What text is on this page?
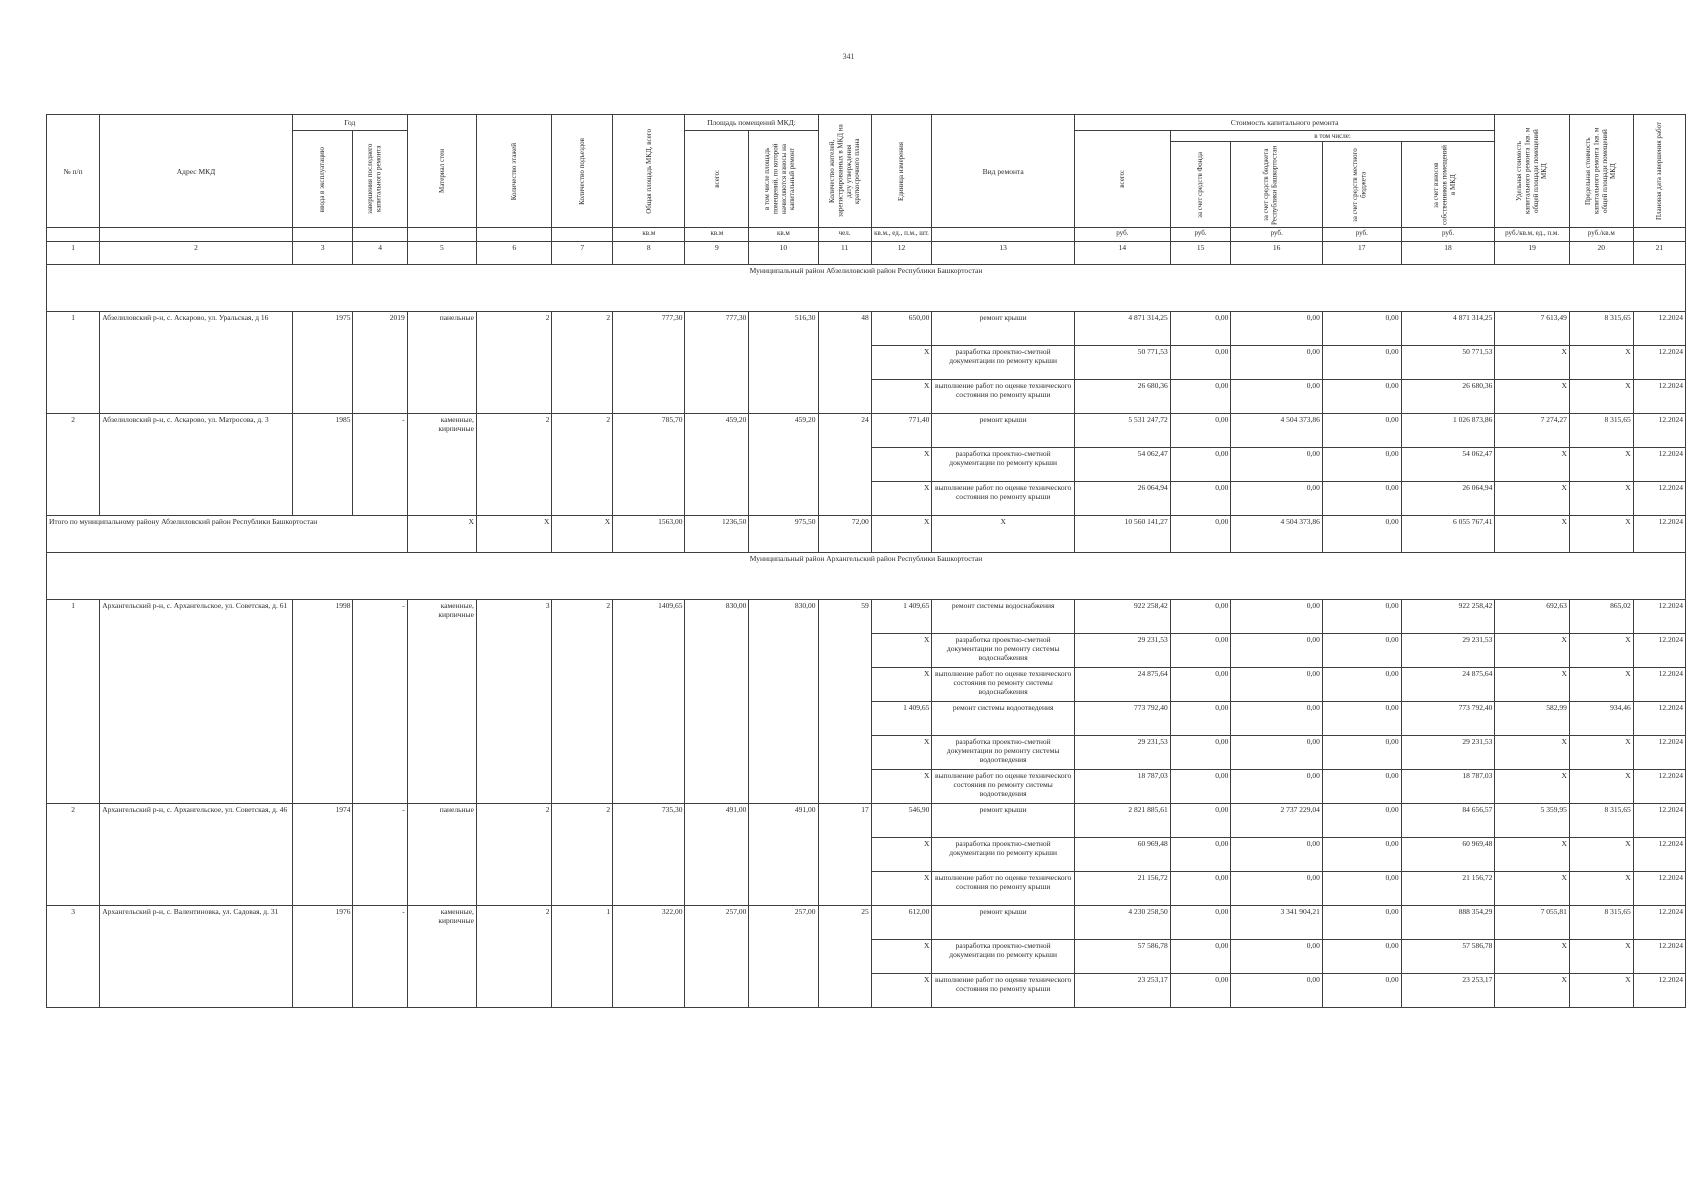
341
№ п/п	Адрес МКД	Год		Материал стен	Количество этажей	Количество подъездов	Общая площадь МКД, всего	Площадь помещений МКД:		Количество жителей, зарегистрированных в МКД на дату утверждения краткосрочного плана	Единица измерения	Вид ремонта	Стоимость капитального ремонта					Удельная стоимость капитального ремонта 1кв. м общей площади помещений МКД	Предельная стоимость капитального ремонта 1кв. м общей площади помещений МКД	Плановая дата завершения работ

		ввода в эксплуатацию	завершения последнего капитального ремонта					всего:	в том числе площадь помещений, по которой начисляются взносы на капитальный ремонт				всего:	в том числе:						

														за счет средств Фонда	за счет средств бюджета Республики Башкортостан	за счет средств местного бюджета	за счет взносов собственников помещений в МКД			

							кв.м	кв.м	кв.м	чел.	кв.м., ед., п.м., шт.		руб.	руб.	руб.	руб.	руб.	руб./кв.м, ед., п.м.	руб./кв.м	
1	2	3	4	5	6	7	8	9	10	11	12	13	14	15	16	17	18	19	20	21
Муниципальный район Абзелиловский район Республики Башкортостан																				
1	Абзелиловский р-н, с. Аскарово, ул. Уральская, д 16	1975	2019	панельные	2	2	777,30	777,30	516,30	48	650,00	ремонт крыши	4 871 314,25	0,00	0,00	0,00	4 871 314,25	7 613,49	8 315,65	12.2024
											X	разработка проектно-сметной документации по ремонту крыши	50 771,53	0,00	0,00	0,00	50 771,53	X	X	12.2024
											X	выполнение работ по оценке технического состояния по ремонту крыши	26 680,36	0,00	0,00	0,00	26 680,36	X	X	12.2024
2	Абзелиловский р-н, с. Аскарово, ул. Матросова, д. 3	1985	-	каменные, кирпичные	2	2	785,70	459,20	459,20	24	771,40	ремонт крыши	5 531 247,72	0,00	4 504 373,86	0,00	1 026 873,86	7 274,27	8 315,65	12.2024
											X	разработка проектно-сметной документации по ремонту крыши	54 062,47	0,00	0,00	0,00	54 062,47	X	X	12.2024
											X	выполнение работ по оценке технического состояния по ремонту крыши	26 064,94	0,00	0,00	0,00	26 064,94	X	X	12.2024
Итого по муниципальному району Абзелиловский район Республики Башкортостан				X	X	X	1563,00	1236,50	975,50	72,00	X	X	10 560 141,27	0,00	4 504 373,86	0,00	6 055 767,41	X	X	12.2024
Муниципальный район Архангельский район Республики Башкортостан																				
1	Архангельский р-н, с. Архангельское, ул. Советская, д. 61	1998	-	каменные, кирпичные	3	2	1409,65	830,00	830,00	59	1 409,65	ремонт системы водоснабжения	922 258,42	0,00	0,00	0,00	922 258,42	692,63	865,02	12.2024
											X	разработка проектно-сметной документации по ремонту системы водоснабжения	29 231,53	0,00	0,00	0,00	29 231,53	X	X	12.2024
											X	выполнение работ по оценке технического состояния по ремонту системы водоснабжения	24 875,64	0,00	0,00	0,00	24 875,64	X	X	12.2024
											1 409,65	ремонт системы водоотведения	773 792,40	0,00	0,00	0,00	773 792,40	582,99	934,46	12.2024
											X	разработка проектно-сметной документации по ремонту системы водоотведения	29 231,53	0,00	0,00	0,00	29 231,53	X	X	12.2024
											X	выполнение работ по оценке технического состояния по ремонту системы водоотведения	18 787,03	0,00	0,00	0,00	18 787,03	X	X	12.2024
2	Архангельский р-н, с. Архангельское, ул. Советская, д. 46	1974	-	панельные	2	2	735,30	491,00	491,00	17	546,90	ремонт крыши	2 821 885,61	0,00	2 737 229,04	0,00	84 656,57	5 359,95	8 315,65	12.2024
											X	разработка проектно-сметной документации по ремонту крыши	60 969,48	0,00	0,00	0,00	60 969,48	X	X	12.2024
											X	выполнение работ по оценке технического состояния по ремонту крыши	21 156,72	0,00	0,00	0,00	21 156,72	X	X	12.2024
3	Архангельский р-н, с. Валентиновка, ул. Садовая, д. 31	1976	-	каменные, кирпичные	2	1	322,00	257,00	257,00	25	612,00	ремонт крыши	4 230 258,50	0,00	3 341 904,21	0,00	888 354,29	7 055,81	8 315,65	12.2024
											X	разработка проектно-сметной документации по ремонту крыши	57 586,78	0,00	0,00	0,00	57 586,78	X	X	12.2024
											X	выполнение работ по оценке технического состояния по ремонту крыши	23 253,17	0,00	0,00	0,00	23 253,17	X	X	12.2024
